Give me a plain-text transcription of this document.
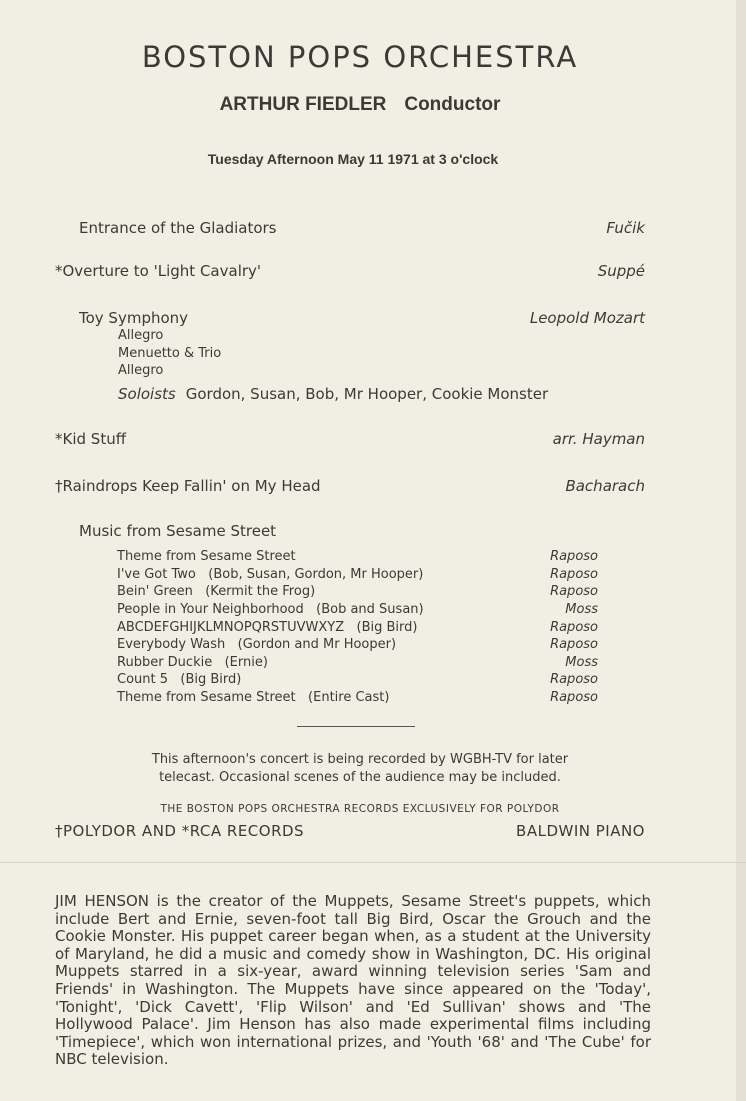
BOSTON POPS ORCHESTRA
ARTHUR FIEDLER Conductor
Tuesday Afternoon May 11 1971 at 3 o'clock
Entrance of the Gladiators	Fučik
*Overture to 'Light Cavalry'	Suppé
Toy Symphony	Leopold Mozart
Allegro
Menuetto & Trio
Allegro
Soloists Gordon, Susan, Bob, Mr Hooper, Cookie Monster
*Kid Stuff	arr. Hayman
†Raindrops Keep Fallin' on My Head	Bacharach
Music from Sesame Street
Theme from Sesame Street	Raposo
I've Got Two   (Bob, Susan, Gordon, Mr Hooper)	Raposo
Bein' Green   (Kermit the Frog)	Raposo
People in Your Neighborhood   (Bob and Susan)	Moss
ABCDEFGHIJKLMNOPQRSTUVWXYZ   (Big Bird)	Raposo
Everybody Wash   (Gordon and Mr Hooper)	Raposo
Rubber Duckie   (Ernie)	Moss
Count 5   (Big Bird)	Raposo
Theme from Sesame Street   (Entire Cast)	Raposo
This afternoon's concert is being recorded by WGBH-TV for later
telecast. Occasional scenes of the audience may be included.
THE BOSTON POPS ORCHESTRA RECORDS EXCLUSIVELY FOR POLYDOR
†POLYDOR AND *RCA RECORDS	BALDWIN PIANO
JIM HENSON is the creator of the Muppets, Sesame Street's puppets, which include Bert and Ernie, seven-foot tall Big Bird, Oscar the Grouch and the Cookie Monster. His puppet career began when, as a student at the University of Maryland, he did a music and comedy show in Washington, DC. His original Muppets starred in a six-year, award winning television series 'Sam and Friends' in Washington. The Muppets have since appeared on the 'Today', 'Tonight', 'Dick Cavett', 'Flip Wilson' and 'Ed Sullivan' shows and 'The Hollywood Palace'. Jim Henson has also made experimental films including 'Timepiece', which won international prizes, and 'Youth '68' and 'The Cube' for NBC television.
